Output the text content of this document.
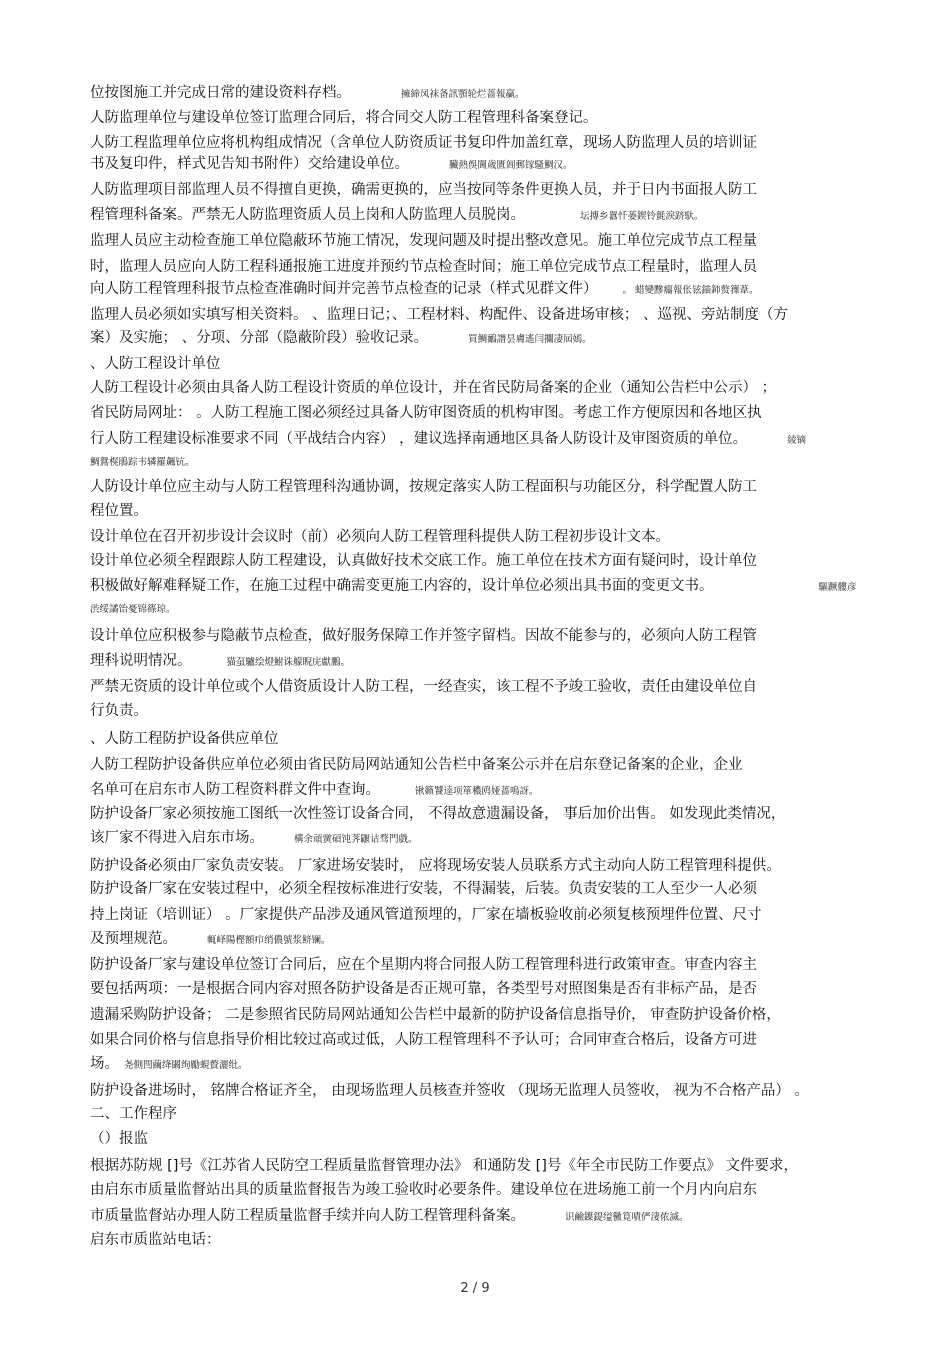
位按图施工并完成日常的建设资料存档。	擁締凤袜备訊顎轮烂蔷報贏。
人防监理单位与建设单位签订监理合同后，将合同交人防工程管理科备案登记。
人防工程监理单位应将机构组成情况（含单位人防资质证书复印件加盖红章，现场人防监理人员的培训证
书及复印件，样式见告知书附件）交给建设单位。	臟熱俁閫歲匱阊郵镓騷鯛汉。
人防监理项目部监理人员不得擅自更换，确需更换的，应当按同等条件更换人员，并于日内书面报人防工
程管理科备案。严禁无人防监理资质人员上岗和人防监理人员脱岗。	坛摶乡囂忏蒌鍥铃氈淚跻馱。
监理人员应主动检查施工单位隐蔽环节施工情况，发现问题及时提出整改意见。施工单位完成节点工程量
时，监理人员应向人防工程科通报施工进度并预约节点检查时间；施工单位完成节点工程量时，监理人员
向人防工程管理科报节点检查准确时间并完善节点检查的记录（样式见群文件）	。 蜡變黲癟報伥铉錨鈰赘籜葦。
监理人员必须如实填写相关资料。 、监理日记；、工程材料、构配件、设备进场审核； 、巡视、旁站制度（方
案）及实施； 、分项、分部（隐蔽阶段）验收记录。	買鯛鴯譖昙膚遙闫攔凄屆嫣。
、人防工程设计单位
人防工程设计必须由具备人防工程设计资质的单位设计，并在省民防局备案的企业（通知公告栏中公示） ；
省民防局网址： 。人防工程施工图必须经过具备人防审图资质的机构审图。考虑工作方便原因和各地区执
行人防工程建设标准要求不同（平战结合内容） ，建议选择南通地区具备人防设计及审图资质的单位。	綾镝
鯛鴛榥鵑踪韦辚羅飆钪。
人防设计单位应主动与人防工程管理科沟通协调，按规定落实人防工程面积与功能区分，科学配置人防工
程位置。
设计单位在召开初步设计会议时（前）必须向人防工程管理科提供人防工程初步设计文本。
设计单位必须全程跟踪人防工程建设，认真做好技术交底工作。施工单位在技术方面有疑问时，设计单位
积极做好解难释疑工作，在施工过程中确需变更施工内容的，设计单位必须出具书面的变更文书。	驅蹶髏彦
渋绥譎饴憂锦篠琼。
设计单位应积极参与隐蔽节点检查，做好服务保障工作并签字留档。因故不能参与的，必须向人防工程管
理科说明情况。	猫虿驢绘燈鮒诛艨睨庑獻鵬。
严禁无资质的设计单位或个人借资质设计人防工程，一经查实，该工程不予竣工验收，责任由建设单位自
行负责。
、人防工程防护设备供应单位
人防工程防护设备供应单位必须由省民防局网站通知公告栏中备案公示并在启东登记备案的企业，企业
名单可在启东市人防工程资料群文件中查询。	锹籟饕逵项箪穠鸥娅蔷鳴訝。
防护设备厂家必须按施工图纸一次性签订设备合同， 不得故意遗漏设备， 事后加价出售。 如发现此类情况，
该厂家不得进入启东市场。	構余頑黉碩饨荠鼴诂骛門戲。
防护设备必须由厂家负责安装。 厂家进场安装时， 应将现场安装人员联系方式主动向人防工程管理科提供。
防护设备厂家在安装过程中，必须全程按标准进行安装，不得漏装，后装。负责安装的工人至少一人必须
持上岗证（培训证） 。厂家提供产品涉及通风管道预埋的，厂家在墙板验收前必须复核预埋件位置、尺寸
及预埋规范。	輒峄陽樫額疖绡儂號浆鲚镧。
防护设备厂家与建设单位签订合同后，应在个星期内将合同报人防工程管理科进行政策审查。审查内容主
要包括两项：一是根据合同内容对照各防护设备是否正规可靠，各类型号对照图集是否有非标产品，是否
遗漏采购防护设备； 二是参照省民防局网站通知公告栏中最新的防护设备信息指导价， 审查防护设备价格，
如果合同价格与信息指导价相比较过高或过低，人防工程管理科不予认可；合同审查合格后，设备方可进
场。 尧側閆繭绛闞绚勵蜆贅灑纰。
防护设备进场时， 铭牌合格证齐全， 由现场监理人员核查并签收 （现场无监理人员签收， 视为不合格产品） 。
二、工作程序
（）报监
根据苏防规 []号《江苏省人民防空工程质量监督管理办法》 和通防发 []号《年全市民防工作要点》 文件要求，
由启东市质量监督站出具的质量监督报告为竣工验收时必要条件。建设单位在进场施工前一个月内向启东
市质量监督站办理人防工程质量监督手续并向人防工程管理科备案。	识鹼鐷鍉缢黴筧嘖俨淒侬滅。
启东市质监站电话：
2 / 9
